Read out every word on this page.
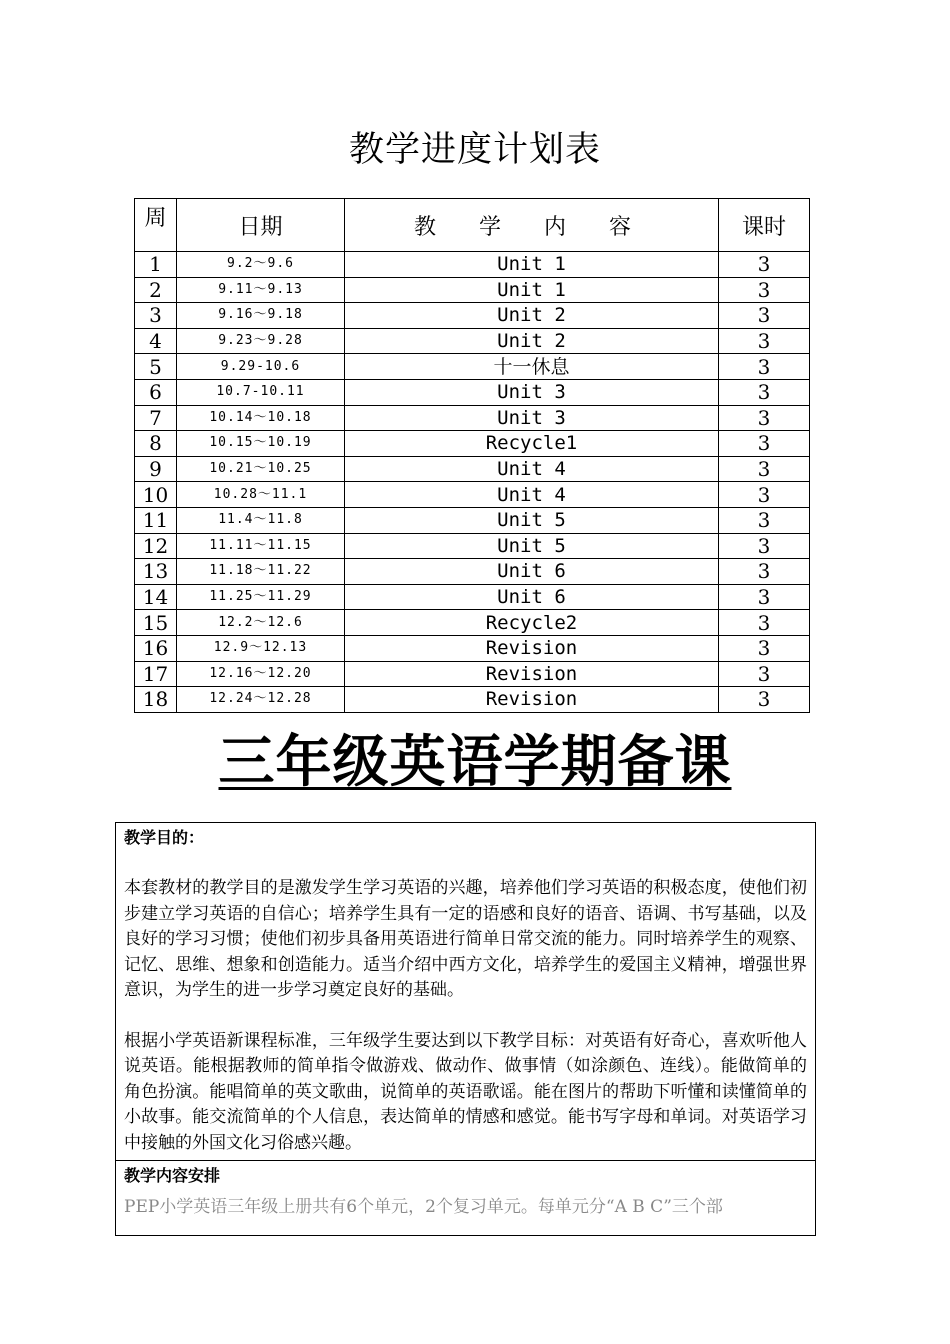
教学进度计划表
周	日期	教 学 内 容	课时
1	9.2～9.6	Unit 1	3
2	9.11～9.13	Unit 1	3
3	9.16～9.18	Unit 2	3
4	9.23～9.28	Unit 2	3
5	9.29-10.6	十一休息	3
6	10.7-10.11	Unit 3	3
7	10.14～10.18	Unit 3	3
8	10.15～10.19	Recycle1	3
9	10.21～10.25	Unit 4	3
10	10.28～11.1	Unit 4	3
11	11.4～11.8	Unit 5	3
12	11.11～11.15	Unit 5	3
13	11.18～11.22	Unit 6	3
14	11.25～11.29	Unit 6	3
15	12.2～12.6	Recycle2	3
16	12.9～12.13	Revision	3
17	12.16～12.20	Revision	3
18	12.24～12.28	Revision	3
三年级英语学期备课
教学目的：

本套教材的教学目的是激发学生学习英语的兴趣，培养他们学习英语的积极态度，使他们初步建立学习英语的自信心；培养学生具有一定的语感和良好的语音、语调、书写基础，以及良好的学习习惯；使他们初步具备用英语进行简单日常交流的能力。同时培养学生的观察、记忆、思维、想象和创造能力。适当介绍中西方文化，培养学生的爱国主义精神，增强世界意识，为学生的进一步学习奠定良好的基础。

根据小学英语新课程标准，三年级学生要达到以下教学目标：对英语有好奇心，喜欢听他人说英语。能根据教师的简单指令做游戏、做动作、做事情（如涂颜色、连线）。能做简单的角色扮演。能唱简单的英文歌曲，说简单的英语歌谣。能在图片的帮助下听懂和读懂简单的小故事。能交流简单的个人信息，表达简单的情感和感觉。能书写字母和单词。对英语学习中接触的外国文化习俗感兴趣。

教学内容安排

PEP小学英语三年级上册共有6个单元，2个复习单元。每单元分“A B C”三个部
